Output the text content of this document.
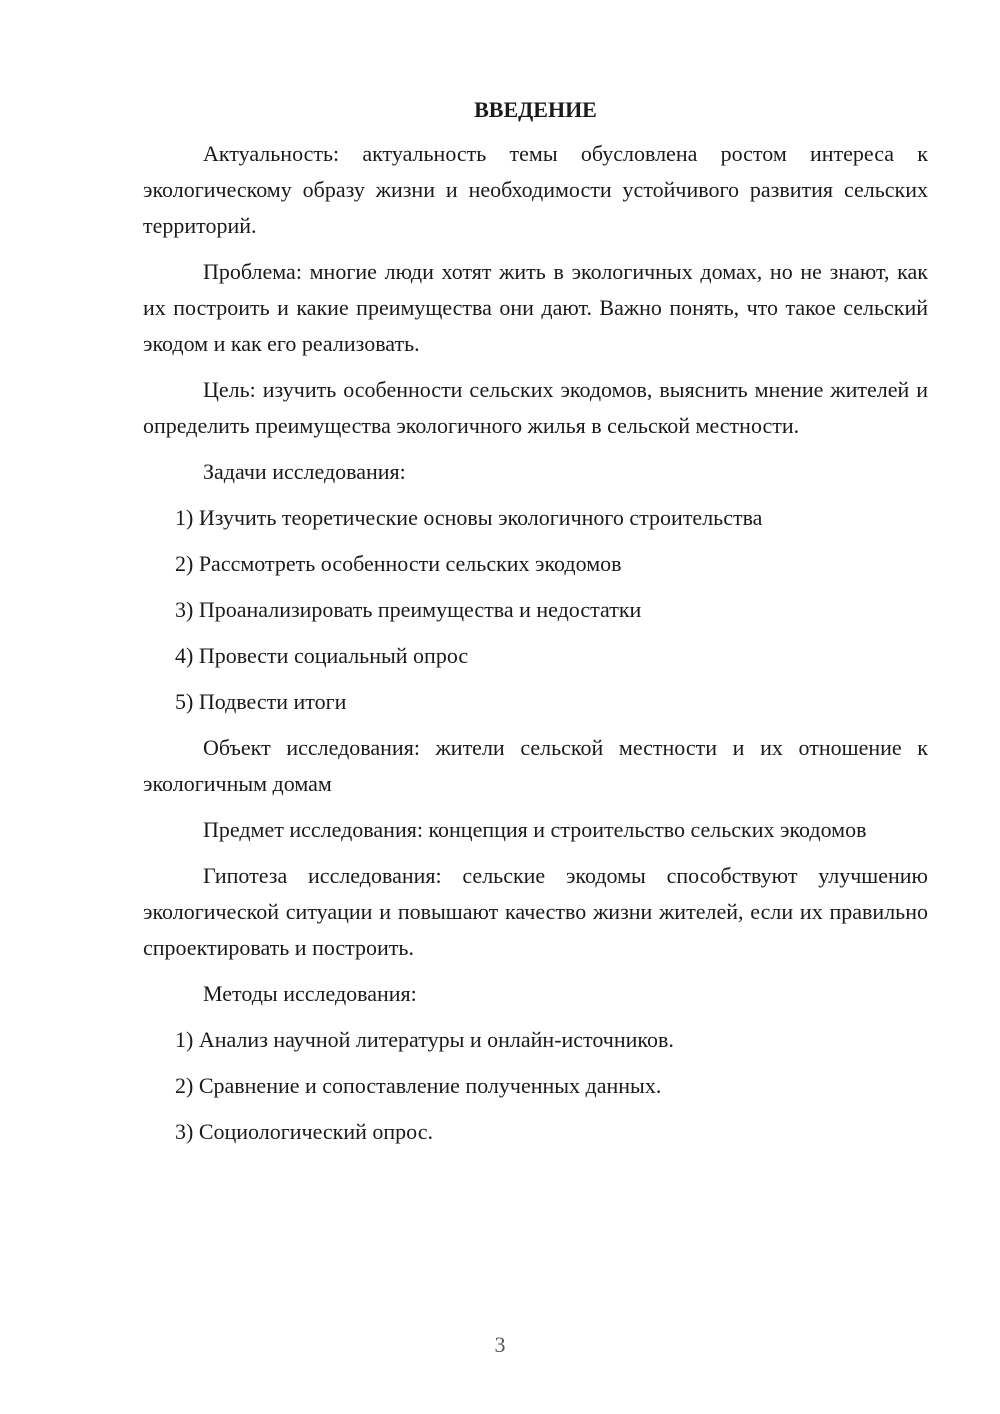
ВВЕДЕНИЕ

Актуальность: актуальность темы обусловлена ростом интереса к экологическому образу жизни и необходимости устойчивого развития сельских территорий.

Проблема: многие люди хотят жить в экологичных домах, но не знают, как их построить и какие преимущества они дают. Важно понять, что такое сельский экодом и как его реализовать.

Цель: изучить особенности сельских экодомов, выяснить мнение жителей и определить преимущества экологичного жилья в сельской местности.

Задачи исследования:

1) Изучить теоретические основы экологичного строительства
2) Рассмотреть особенности сельских экодомов
3) Проанализировать преимущества и недостатки
4) Провести социальный опрос
5) Подвести итоги

Объект исследования: жители сельской местности и их отношение к экологичным домам

Предмет исследования: концепция и строительство сельских экодомов

Гипотеза исследования: сельские экодомы способствуют улучшению экологической ситуации и повышают качество жизни жителей, если их правильно спроектировать и построить.

Методы исследования:

1) Анализ научной литературы и онлайн-источников.
2) Сравнение и сопоставление полученных данных.
3) Социологический опрос.
3
